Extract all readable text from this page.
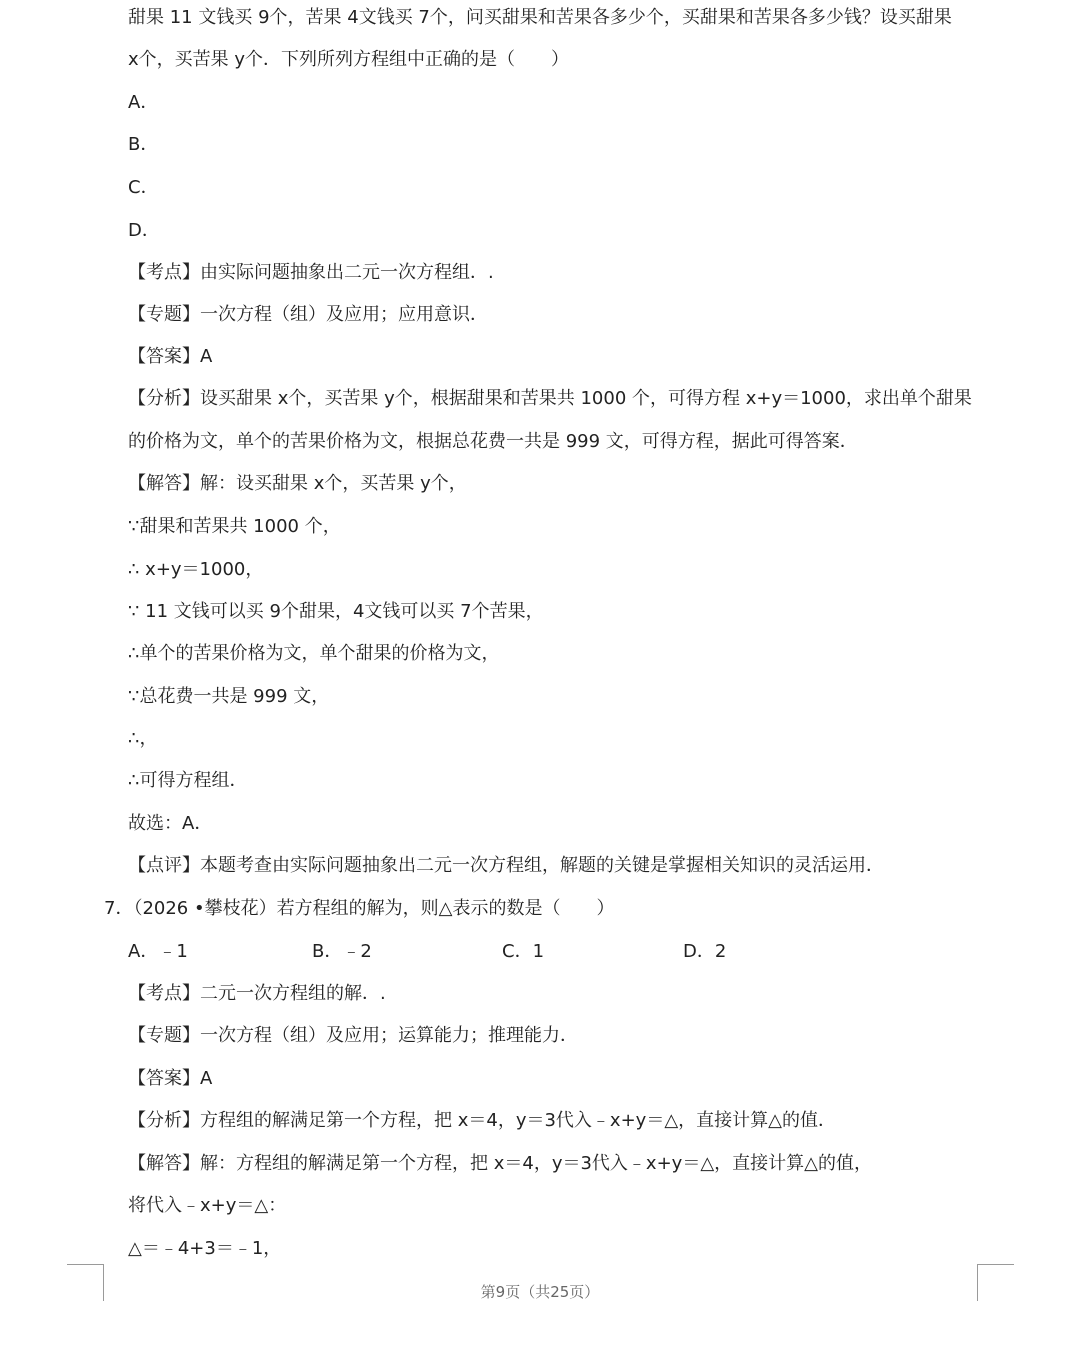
甜果 11 文钱买 9个，苦果 4文钱买 7个，问买甜果和苦果各多少个，买甜果和苦果各多少钱？设买甜果
x个，买苦果 y个．下列所列方程组中正确的是（　　）
A．
B．
C．
D．
【考点】由实际问题抽象出二元一次方程组．.
【专题】一次方程（组）及应用；应用意识．
【答案】A
【分析】设买甜果 x个，买苦果 y个，根据甜果和苦果共 1000 个，可得方程 x+y＝1000，求出单个甜果
的价格为文，单个的苦果价格为文，根据总花费一共是 999 文，可得方程，据此可得答案．
【解答】解：设买甜果 x个，买苦果 y个，
∵甜果和苦果共 1000 个，
∴ x+y＝1000，
∵ 11 文钱可以买 9个甜果，4文钱可以买 7个苦果，
∴单个的苦果价格为文，单个甜果的价格为文，
∵总花费一共是 999 文，
∴，
∴可得方程组．
故选：A．
【点评】本题考查由实际问题抽象出二元一次方程组，解题的关键是掌握相关知识的灵活运用．
7．（2026 •攀枝花）若方程组的解为，则△表示的数是（　　）
A．﹣1	B．﹣2	C．1	D．2
【考点】二元一次方程组的解．.
【专题】一次方程（组）及应用；运算能力；推理能力．
【答案】A
【分析】方程组的解满足第一个方程，把 x＝4，y＝3代入﹣x+y＝△，直接计算△的值．
【解答】解：方程组的解满足第一个方程，把 x＝4，y＝3代入﹣x+y＝△，直接计算△的值，
将代入﹣x+y＝△：
△＝﹣4+3＝﹣1，
第9页（共25页）
